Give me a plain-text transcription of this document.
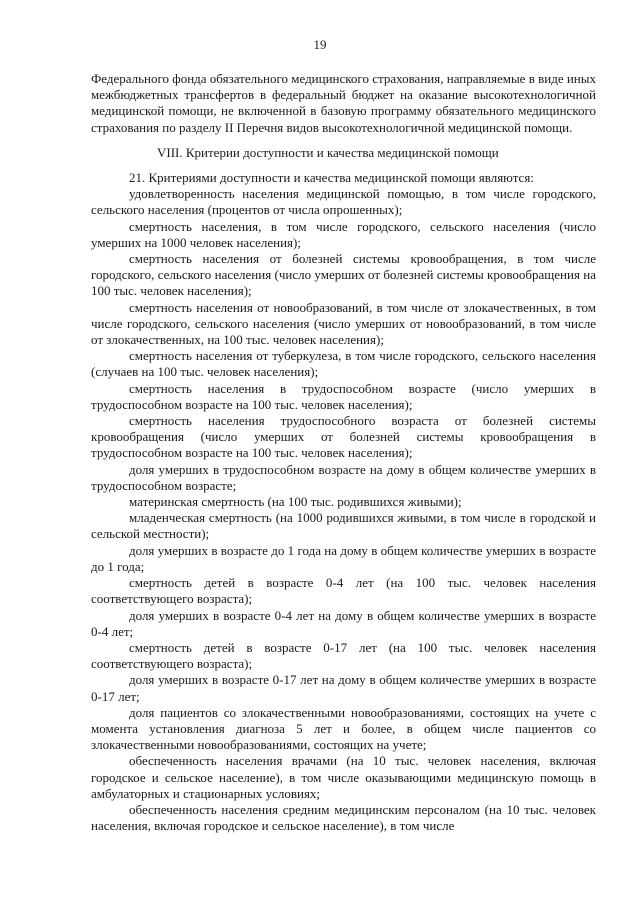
19

Федерального фонда обязательного медицинского страхования, направляемые в виде иных межбюджетных трансфертов в федеральный бюджет на оказание высокотехнологичной медицинской помощи, не включенной в базовую программу обязательного медицинского страхования по разделу II Перечня видов высокотехнологичной медицинской помощи.

VIII. Критерии доступности и качества медицинской помощи

21. Критериями доступности и качества медицинской помощи являются:

удовлетворенность населения медицинской помощью, в том числе городского, сельского населения (процентов от числа опрошенных);

смертность населения, в том числе городского, сельского населения (число умерших на 1000 человек населения);

смертность населения от болезней системы кровообращения, в том числе городского, сельского населения (число умерших от болезней системы кровообращения на 100 тыс. человек населения);

смертность населения от новообразований, в том числе от злокачественных, в том числе городского, сельского населения (число умерших от новообразований, в том числе от злокачественных, на 100 тыс. человек населения);

смертность населения от туберкулеза, в том числе городского, сельского населения (случаев на 100 тыс. человек населения);

смертность населения в трудоспособном возрасте (число умерших в трудоспособном возрасте на 100 тыс. человек населения);

смертность населения трудоспособного возраста от болезней системы кровообращения (число умерших от болезней системы кровообращения в трудоспособном возрасте на 100 тыс. человек населения);

доля умерших в трудоспособном возрасте на дому в общем количестве умерших в трудоспособном возрасте;

материнская смертность (на 100 тыс. родившихся живыми);

младенческая смертность (на 1000 родившихся живыми, в том числе в городской и сельской местности);

доля умерших в возрасте до 1 года на дому в общем количестве умерших в возрасте до 1 года;

смертность детей в возрасте 0-4 лет (на 100 тыс. человек населения соответствующего возраста);

доля умерших в возрасте 0-4 лет на дому в общем количестве умерших в возрасте 0-4 лет;

смертность детей в возрасте 0-17 лет (на 100 тыс. человек населения соответствующего возраста);

доля умерших в возрасте 0-17 лет на дому в общем количестве умерших в возрасте 0-17 лет;

доля пациентов со злокачественными новообразованиями, состоящих на учете с момента установления диагноза 5 лет и более, в общем числе пациентов со злокачественными новообразованиями, состоящих на учете;

обеспеченность населения врачами (на 10 тыс. человек населения, включая городское и сельское население), в том числе оказывающими медицинскую помощь в амбулаторных и стационарных условиях;

обеспеченность населения средним медицинским персоналом (на 10 тыс. человек населения, включая городское и сельское население), в том числе
